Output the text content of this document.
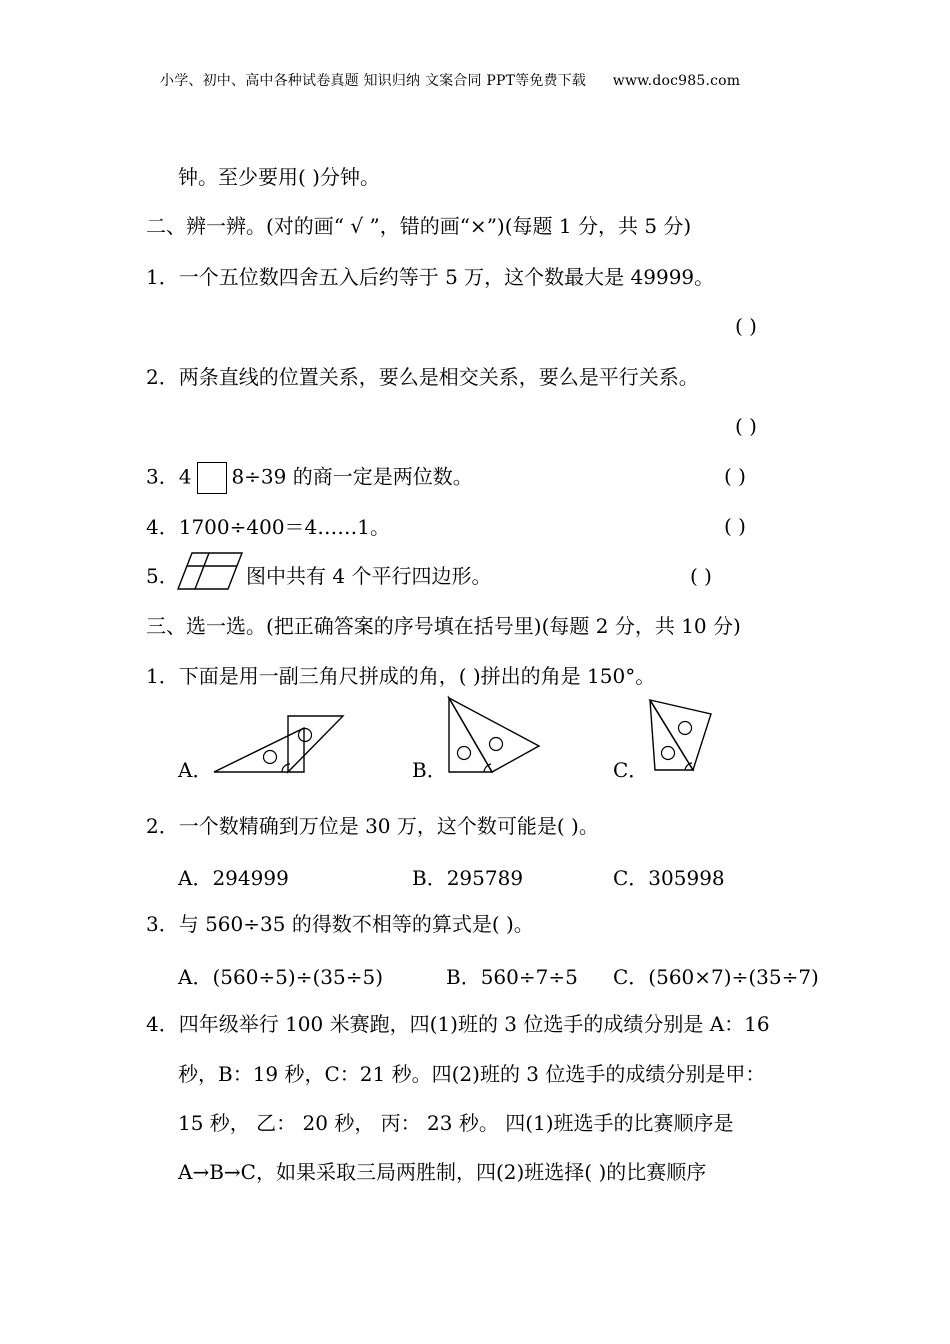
小学、初中、高中各种试卷真题 知识归纳 文案合同 PPT等免费下载 www.doc985.com
钟。至少要用( )分钟。
二、辨一辨。(对的画“ √ ”，错的画“×”)(每题 1 分，共 5 分)
1．一个五位数四舍五入后约等于 5 万，这个数最大是 49999。
( )
2．两条直线的位置关系，要么是相交关系，要么是平行关系。
( )
3．4 8÷39 的商一定是两位数。	( )
4．1700÷400＝4……1。	( )
5．	图中共有 4 个平行四边形。	( )
三、选一选。(把正确答案的序号填在括号里)(每题 2 分，共 10 分)
1．下面是用一副三角尺拼成的角，( )拼出的角是 150°。
A．	B．	C．
2．一个数精确到万位是 30 万，这个数可能是( )。
A．294999	B．295789	C．305998
3．与 560÷35 的得数不相等的算式是( )。
A．(560÷5)÷(35÷5)	B．560÷7÷5 C．(560×7)÷(35÷7)
4．四年级举行 100 米赛跑，四(1)班的 3 位选手的成绩分别是 A：16
秒，B：19 秒，C：21 秒。四(2)班的 3 位选手的成绩分别是甲：
15 秒， 乙： 20 秒， 丙： 23 秒。 四(1)班选手的比赛顺序是
A→B→C，如果采取三局两胜制，四(2)班选择( )的比赛顺序
